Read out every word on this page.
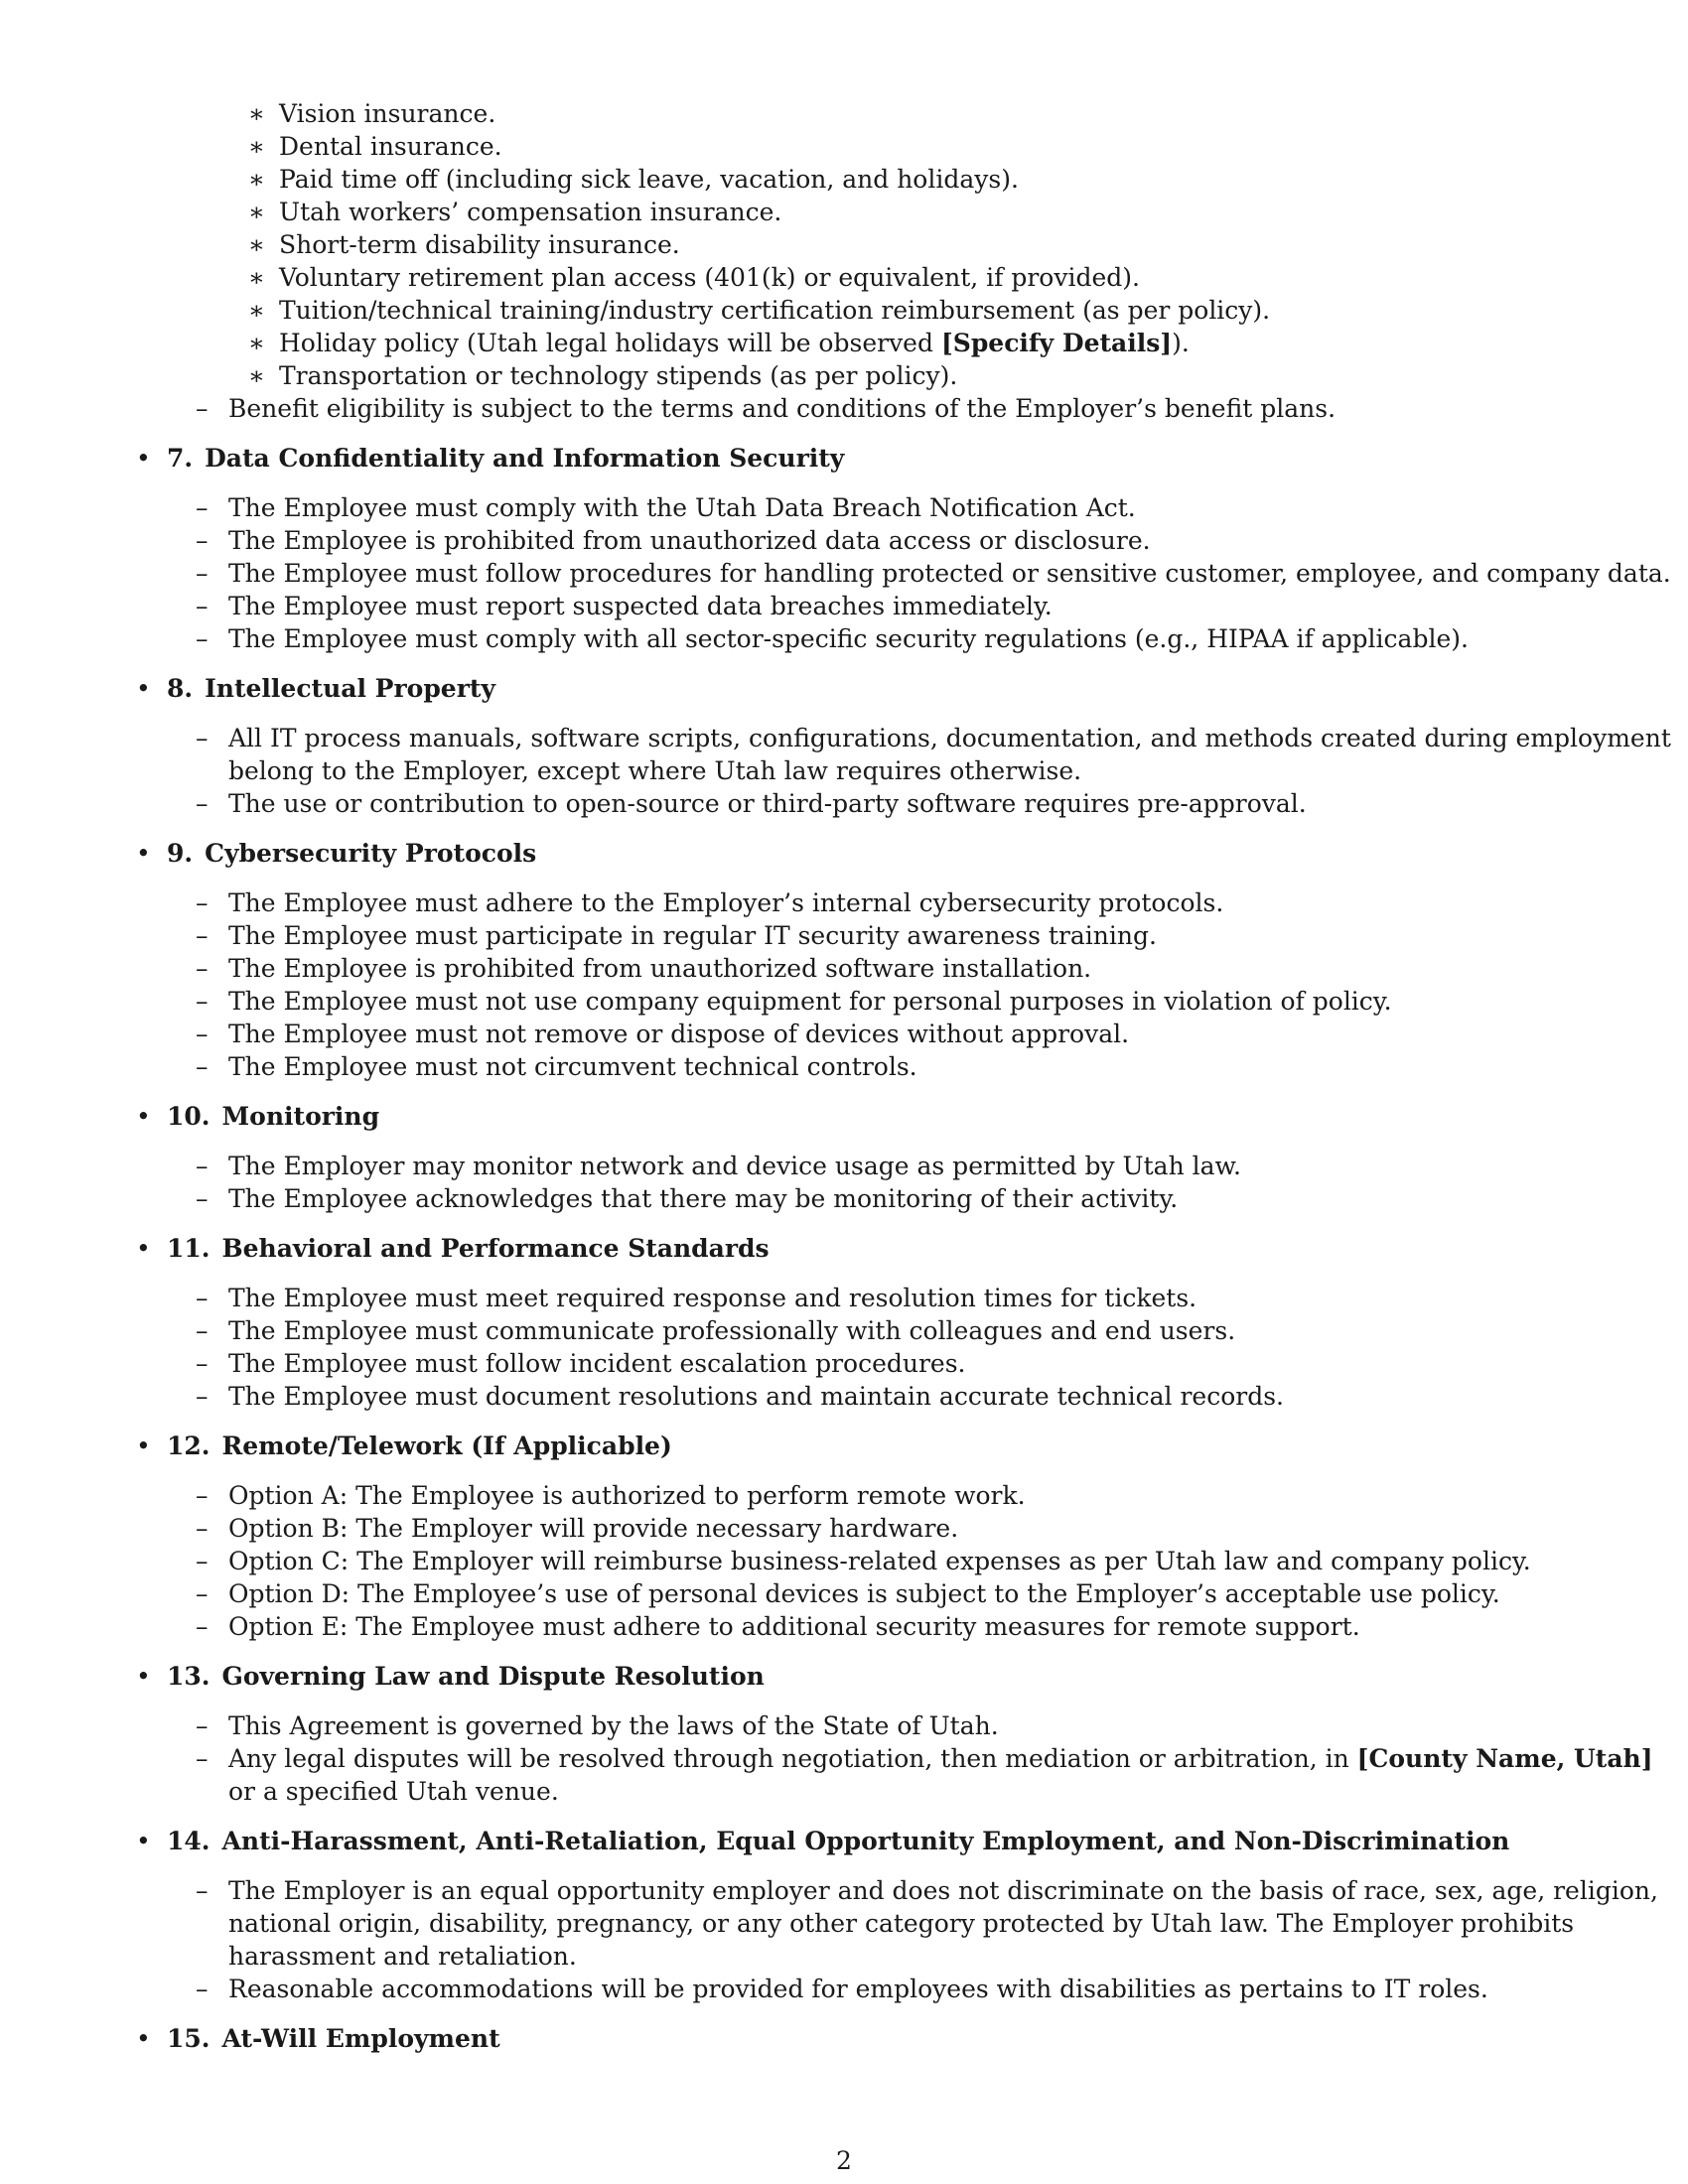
∗ Vision insurance.
∗ Dental insurance.
∗ Paid time off (including sick leave, vacation, and holidays).
∗ Utah workers’ compensation insurance.
∗ Short-term disability insurance.
∗ Voluntary retirement plan access (401(k) or equivalent, if provided).
∗ Tuition/technical training/industry certification reimbursement (as per policy).
∗ Holiday policy (Utah legal holidays will be observed [Specify Details]).
∗ Transportation or technology stipends (as per policy).
– Benefit eligibility is subject to the terms and conditions of the Employer’s benefit plans.
• 7. Data Confidentiality and Information Security
– The Employee must comply with the Utah Data Breach Notification Act.
– The Employee is prohibited from unauthorized data access or disclosure.
– The Employee must follow procedures for handling protected or sensitive customer, employee, and company data.
– The Employee must report suspected data breaches immediately.
– The Employee must comply with all sector-specific security regulations (e.g., HIPAA if applicable).
• 8. Intellectual Property
– All IT process manuals, software scripts, configurations, documentation, and methods created during employment
belong to the Employer, except where Utah law requires otherwise.
– The use or contribution to open-source or third-party software requires pre-approval.
• 9. Cybersecurity Protocols
– The Employee must adhere to the Employer’s internal cybersecurity protocols.
– The Employee must participate in regular IT security awareness training.
– The Employee is prohibited from unauthorized software installation.
– The Employee must not use company equipment for personal purposes in violation of policy.
– The Employee must not remove or dispose of devices without approval.
– The Employee must not circumvent technical controls.
• 10. Monitoring
– The Employer may monitor network and device usage as permitted by Utah law.
– The Employee acknowledges that there may be monitoring of their activity.
• 11. Behavioral and Performance Standards
– The Employee must meet required response and resolution times for tickets.
– The Employee must communicate professionally with colleagues and end users.
– The Employee must follow incident escalation procedures.
– The Employee must document resolutions and maintain accurate technical records.
• 12. Remote/Telework (If Applicable)
– Option A: The Employee is authorized to perform remote work.
– Option B: The Employer will provide necessary hardware.
– Option C: The Employer will reimburse business-related expenses as per Utah law and company policy.
– Option D: The Employee’s use of personal devices is subject to the Employer’s acceptable use policy.
– Option E: The Employee must adhere to additional security measures for remote support.
• 13. Governing Law and Dispute Resolution
– This Agreement is governed by the laws of the State of Utah.
– Any legal disputes will be resolved through negotiation, then mediation or arbitration, in [County Name, Utah]
or a specified Utah venue.
• 14. Anti-Harassment, Anti-Retaliation, Equal Opportunity Employment, and Non-Discrimination
– The Employer is an equal opportunity employer and does not discriminate on the basis of race, sex, age, religion,
national origin, disability, pregnancy, or any other category protected by Utah law. The Employer prohibits
harassment and retaliation.
– Reasonable accommodations will be provided for employees with disabilities as pertains to IT roles.
• 15. At-Will Employment
2
